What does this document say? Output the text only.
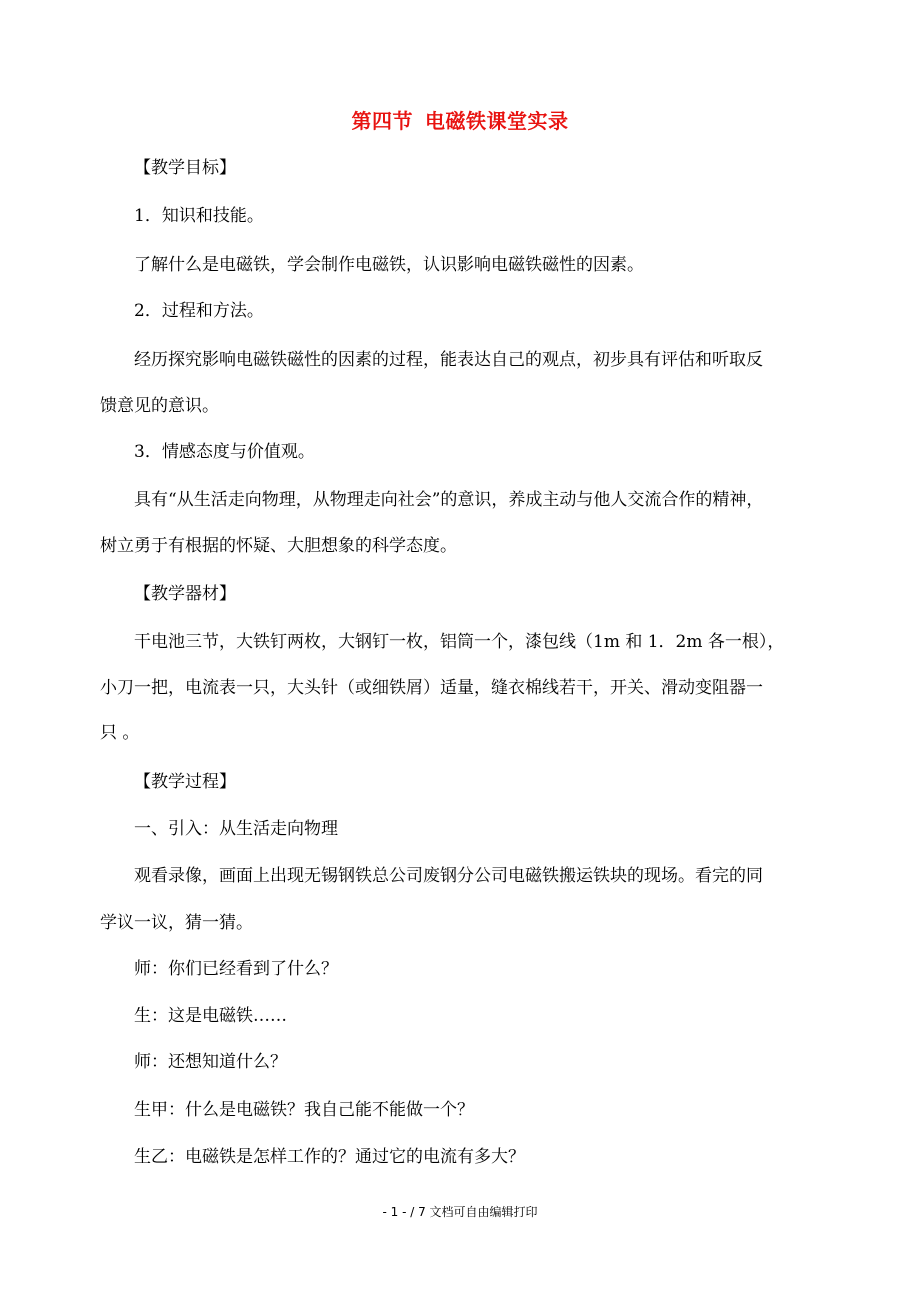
第四节 电磁铁课堂实录
【教学目标】
1．知识和技能。
了解什么是电磁铁，学会制作电磁铁，认识影响电磁铁磁性的因素。
2．过程和方法。
经历探究影响电磁铁磁性的因素的过程，能表达自己的观点，初步具有评估和听取反
馈意见的意识。
3．情感态度与价值观。
具有“从生活走向物理，从物理走向社会”的意识，养成主动与他人交流合作的精神，
树立勇于有根据的怀疑、大胆想象的科学态度。
【教学器材】
干电池三节，大铁钉两枚，大钢钉一枚，铝筒一个，漆包线（1m 和 1．2m 各一根），
小刀一把，电流表一只，大头针（或细铁屑）适量，缝衣棉线若干，开关、滑动变阻器一
只 。
【教学过程】
一、引入：从生活走向物理
观看录像，画面上出现无锡钢铁总公司废钢分公司电磁铁搬运铁块的现场。看完的同
学议一议，猜一猜。
师：你们已经看到了什么？
生：这是电磁铁……
师：还想知道什么？
生甲：什么是电磁铁？我自己能不能做一个？
生乙：电磁铁是怎样工作的？通过它的电流有多大？
- 1 - / 7 文档可自由编辑打印
